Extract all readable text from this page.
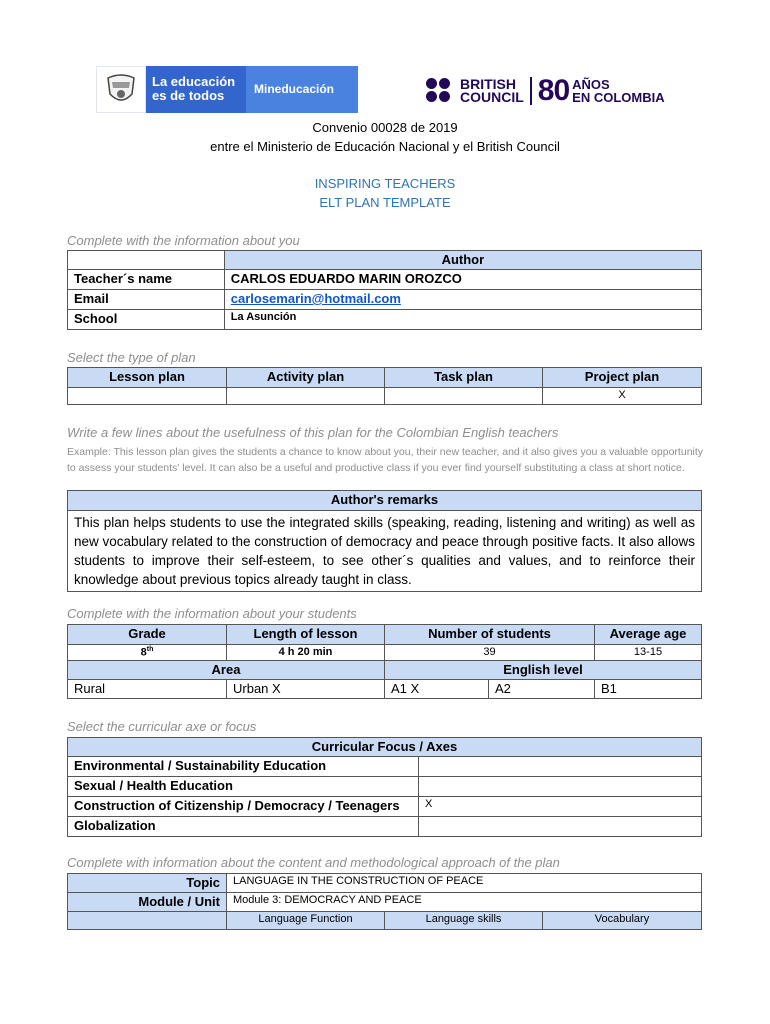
La educación
es de todos	Mineducación	BRITISH
COUNCIL 80 AÑOS
EN COLOMBIA
Convenio 00028 de 2019
entre el Ministerio de Educación Nacional y el British Council
INSPIRING TEACHERS
ELT PLAN TEMPLATE
Complete with the information about you
	Author
Teacher´s name	CARLOS EDUARDO MARIN OROZCO
Email	carlosemarin@hotmail.com
School	La Asunción
Select the type of plan
Lesson plan	Activity plan	Task plan	Project plan
			X
Write a few lines about the usefulness of this plan for the Colombian English teachers
Example: This lesson plan gives the students a chance to know about you, their new teacher, and it also gives you a valuable opportunity to assess your students' level. It can also be a useful and productive class if you ever find yourself substituting a class at short notice.
Author's remarks
This plan helps students to use the integrated skills (speaking, reading, listening and writing) as well as new vocabulary related to the construction of democracy and peace through positive facts. It also allows students to improve their self-esteem, to see other´s qualities and values, and to reinforce their knowledge about previous topics already taught in class.
Complete with the information about your students
Grade	Length of lesson	Number of students		Average age
8th	4 h 20 min	39		13-15
Area		English level		
Rural	Urban X	A1 X	A2	B1
Select the curricular axe or focus
Curricular Focus / Axes	
Environmental / Sustainability Education	
Sexual / Health Education	
Construction of Citizenship / Democracy / Teenagers	X
Globalization	
Complete with information about the content and methodological approach of the plan
Topic	LANGUAGE IN THE CONSTRUCTION OF PEACE		
Module / Unit	Module 3: DEMOCRACY AND PEACE		
	Language Function	Language skills	Vocabulary
